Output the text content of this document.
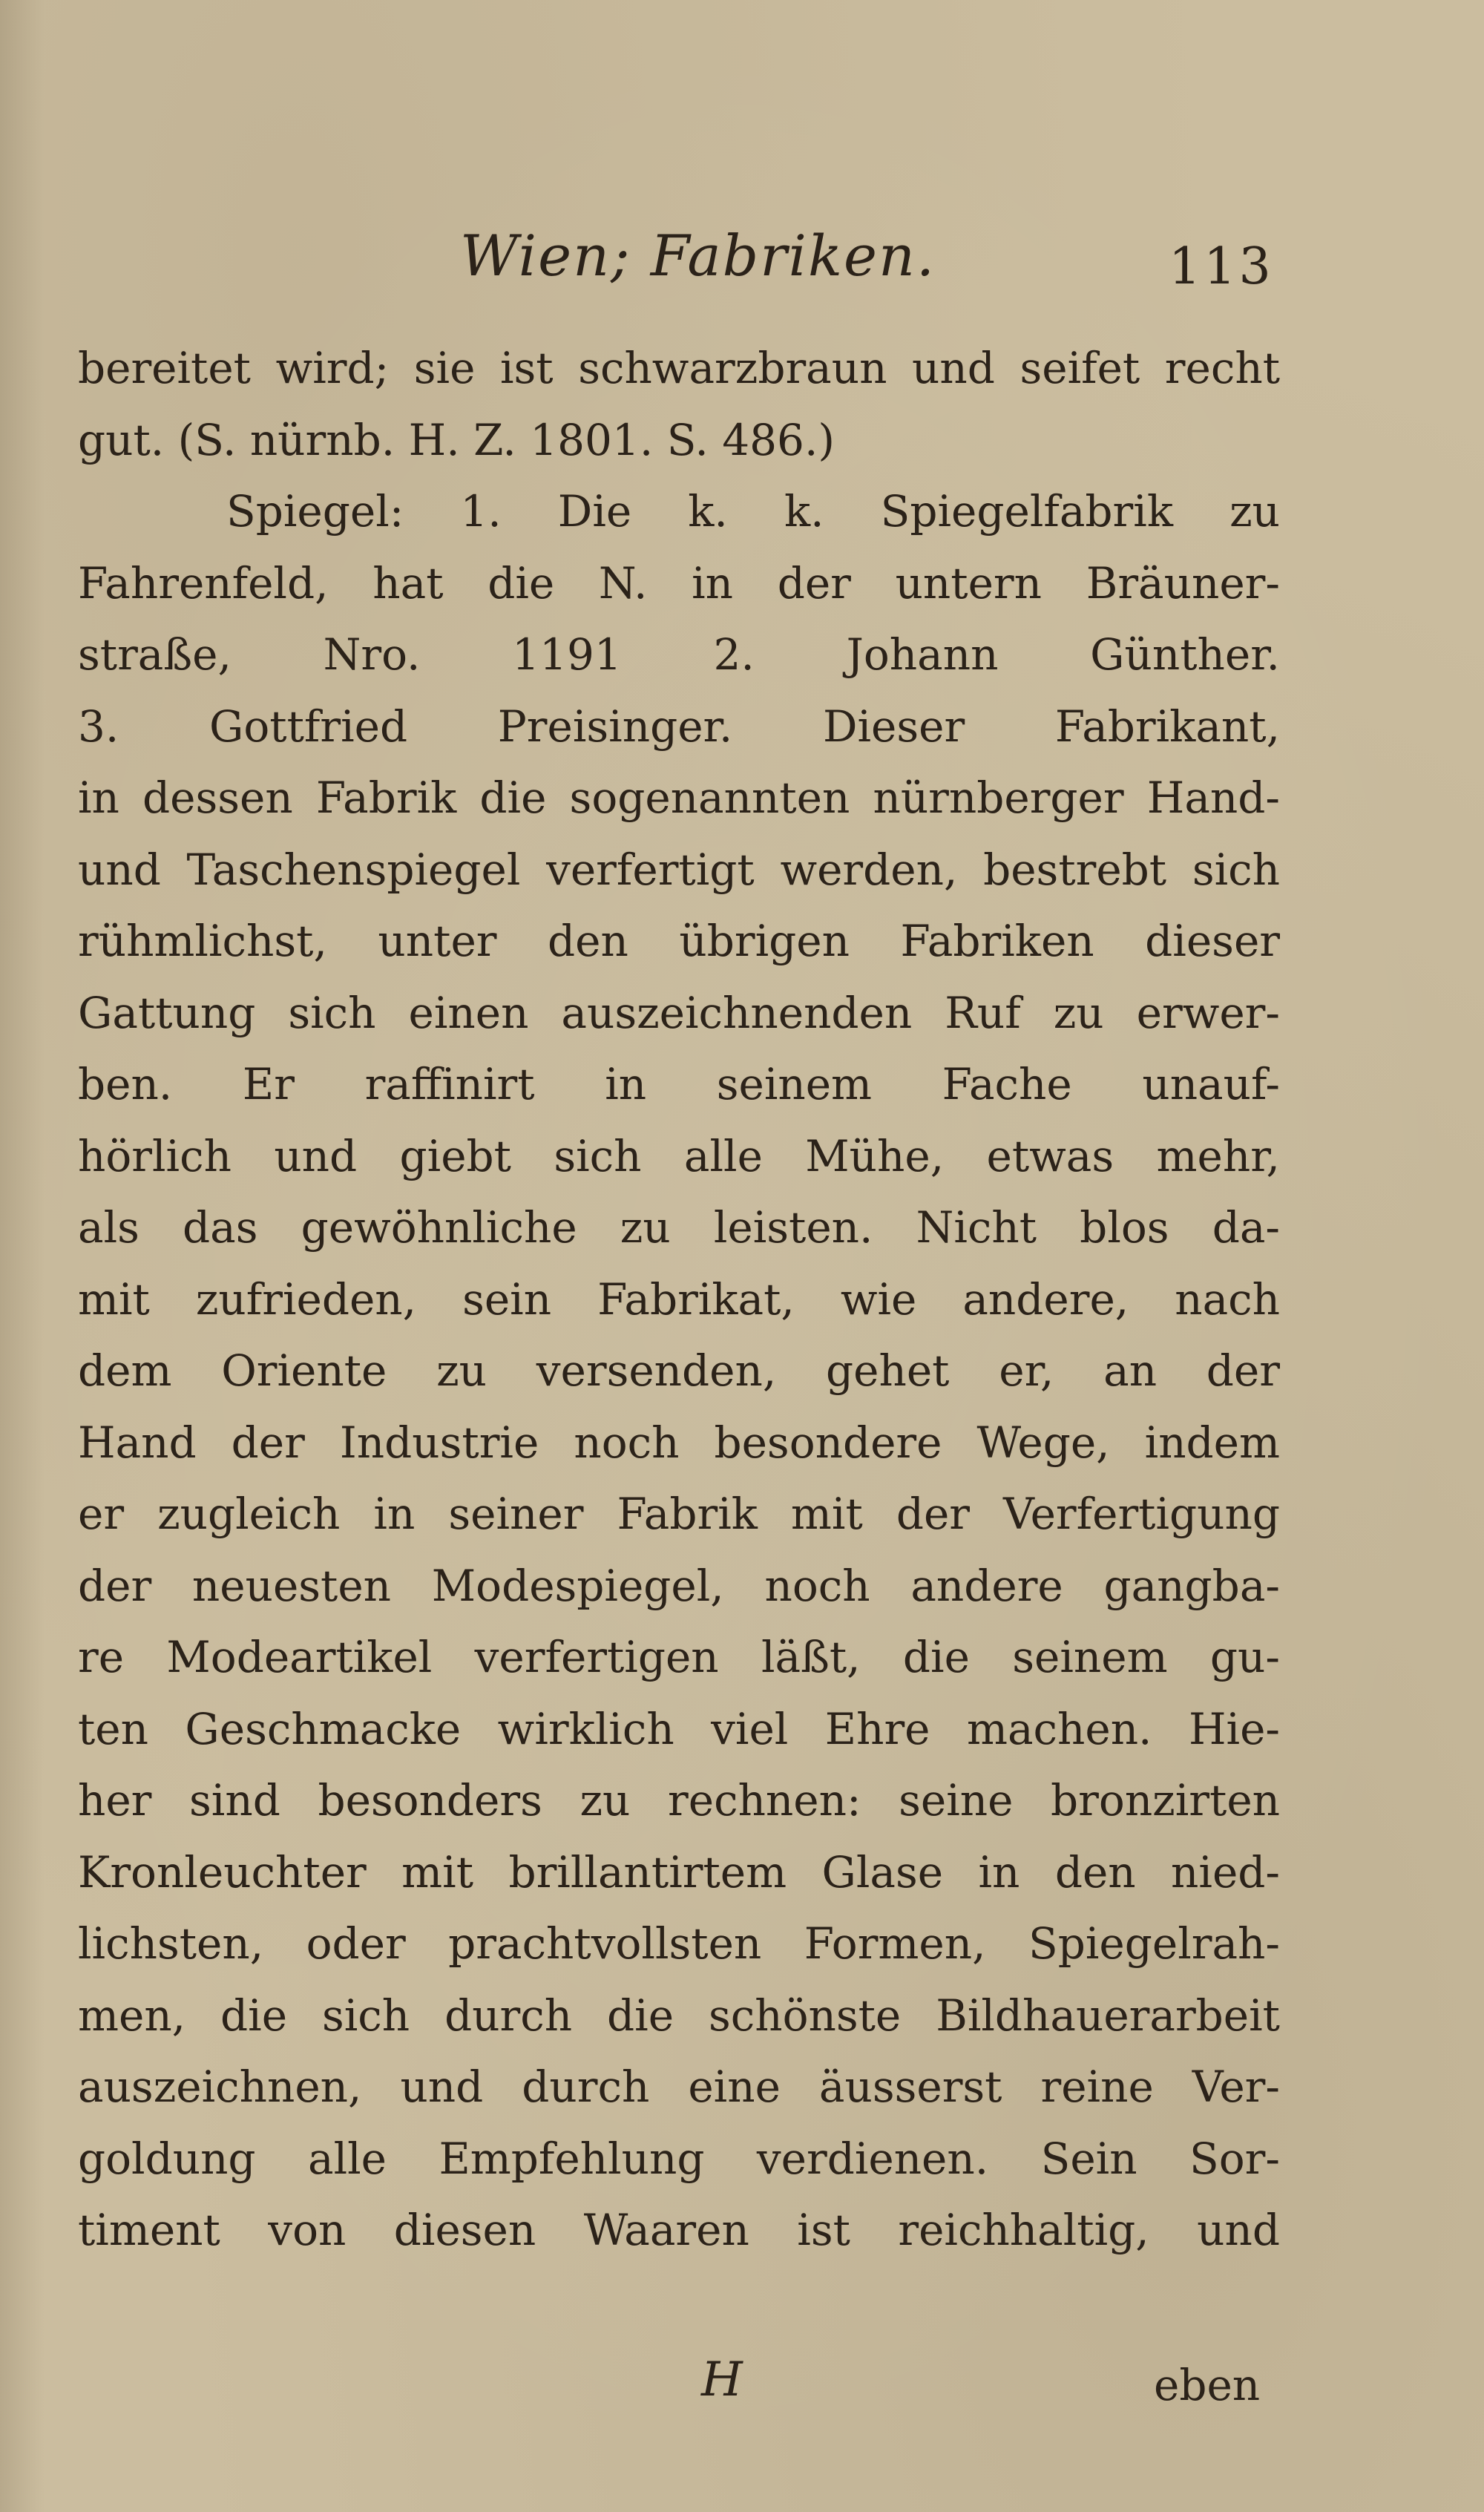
Wien; Fabriken.	113
bereitet wird; sie ist schwarzbraun und seifet recht
gut. (S. nürnb. H. Z. 1801. S. 486.)
Spiegel: 1. Die k. k. Spiegelfabrik zu
Fahrenfeld, hat die N. in der untern Bräuner-
straße, Nro. 1191 2. Johann Günther.
3. Gottfried Preisinger. Dieser Fabrikant,
in dessen Fabrik die sogenannten nürnberger Hand-
und Taschenspiegel verfertigt werden, bestrebt sich
rühmlichst, unter den übrigen Fabriken dieser
Gattung sich einen auszeichnenden Ruf zu erwer-
ben. Er raffinirt in seinem Fache unauf-
hörlich und giebt sich alle Mühe, etwas mehr,
als das gewöhnliche zu leisten. Nicht blos da-
mit zufrieden, sein Fabrikat, wie andere, nach
dem Oriente zu versenden, gehet er, an der
Hand der Industrie noch besondere Wege, indem
er zugleich in seiner Fabrik mit der Verfertigung
der neuesten Modespiegel, noch andere gangba-
re Modeartikel verfertigen läßt, die seinem gu-
ten Geschmacke wirklich viel Ehre machen. Hie-
her sind besonders zu rechnen: seine bronzirten
Kronleuchter mit brillantirtem Glase in den nied-
lichsten, oder prachtvollsten Formen, Spiegelrah-
men, die sich durch die schönste Bildhauerarbeit
auszeichnen, und durch eine äusserst reine Ver-
goldung alle Empfehlung verdienen. Sein Sor-
timent von diesen Waaren ist reichhaltig, und
H	eben
